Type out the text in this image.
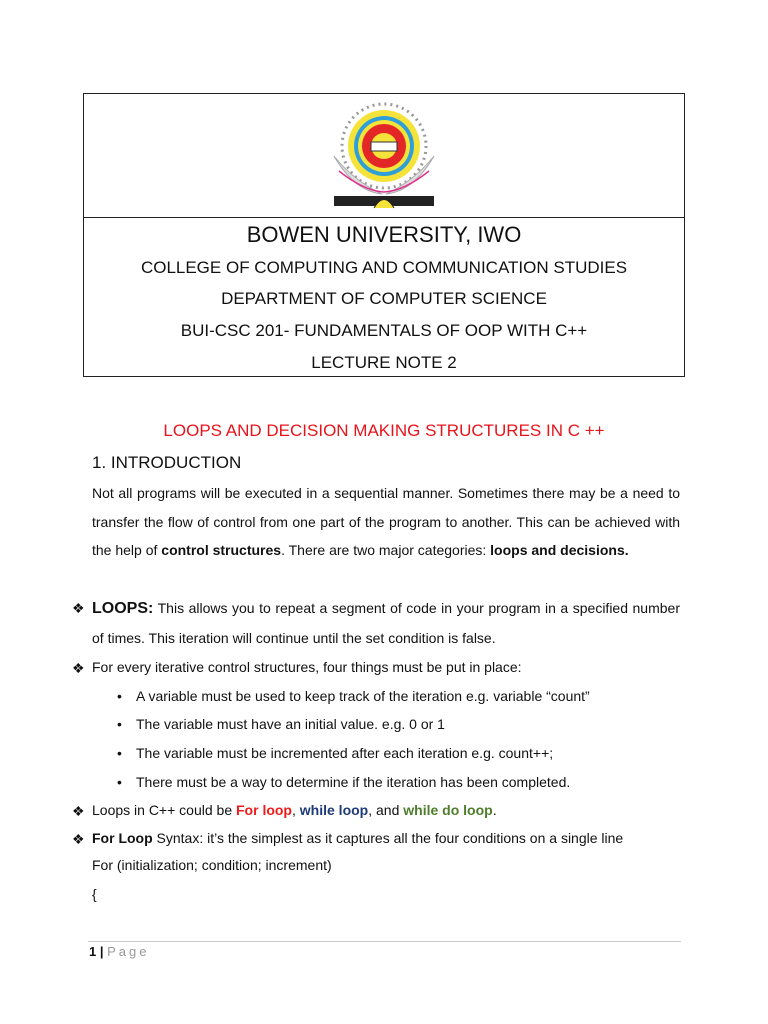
BOWEN UNIVERSITY, IWO
COLLEGE OF COMPUTING AND COMMUNICATION STUDIES
DEPARTMENT OF COMPUTER SCIENCE
BUI-CSC 201- FUNDAMENTALS OF OOP WITH C++
LECTURE NOTE 2
LOOPS AND DECISION MAKING STRUCTURES IN C ++
1. INTRODUCTION
Not all programs will be executed in a sequential manner. Sometimes there may be a need to transfer the flow of control from one part of the program to another. This can be achieved with the help of control structures. There are two major categories: loops and decisions.
❖ LOOPS: This allows you to repeat a segment of code in your program in a specified number of times. This iteration will continue until the set condition is false.
❖ For every iterative control structures, four things must be put in place:
• A variable must be used to keep track of the iteration e.g. variable “count”
• The variable must have an initial value. e.g. 0 or 1
• The variable must be incremented after each iteration e.g. count++;
• There must be a way to determine if the iteration has been completed.
❖ Loops in C++ could be For loop, while loop, and while do loop.
❖ For Loop Syntax: it’s the simplest as it captures all the four conditions on a single line
For (initialization; condition; increment)
{
1 | Page
